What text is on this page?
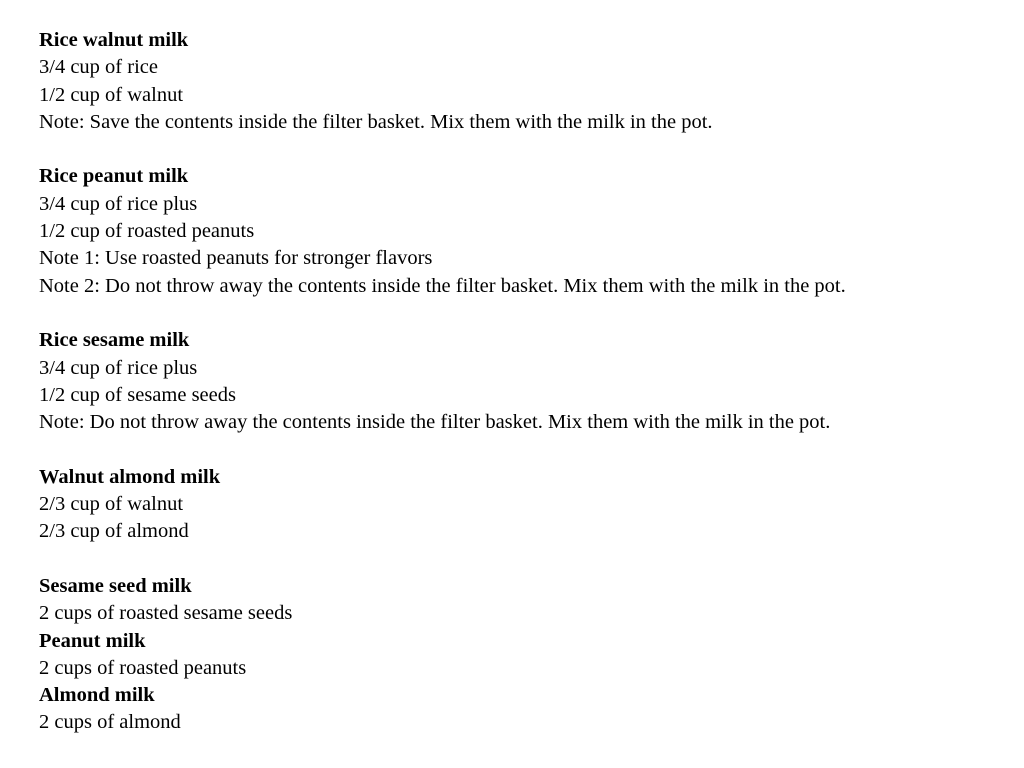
Rice walnut milk
3/4 cup of rice
1/2 cup of walnut
Note: Save the contents inside the filter basket. Mix them with the milk in the pot.
Rice peanut milk
3/4 cup of rice plus
1/2 cup of roasted peanuts
Note 1: Use roasted peanuts for stronger flavors
Note 2: Do not throw away the contents inside the filter basket. Mix them with the milk in the pot.
Rice sesame milk
3/4 cup of rice plus
1/2 cup of sesame seeds
Note: Do not throw away the contents inside the filter basket. Mix them with the milk in the pot.
Walnut almond milk
2/3 cup of walnut
2/3 cup of almond
Sesame seed milk
2 cups of roasted sesame seeds
Peanut milk
2 cups of roasted peanuts
Almond milk
2 cups of almond
